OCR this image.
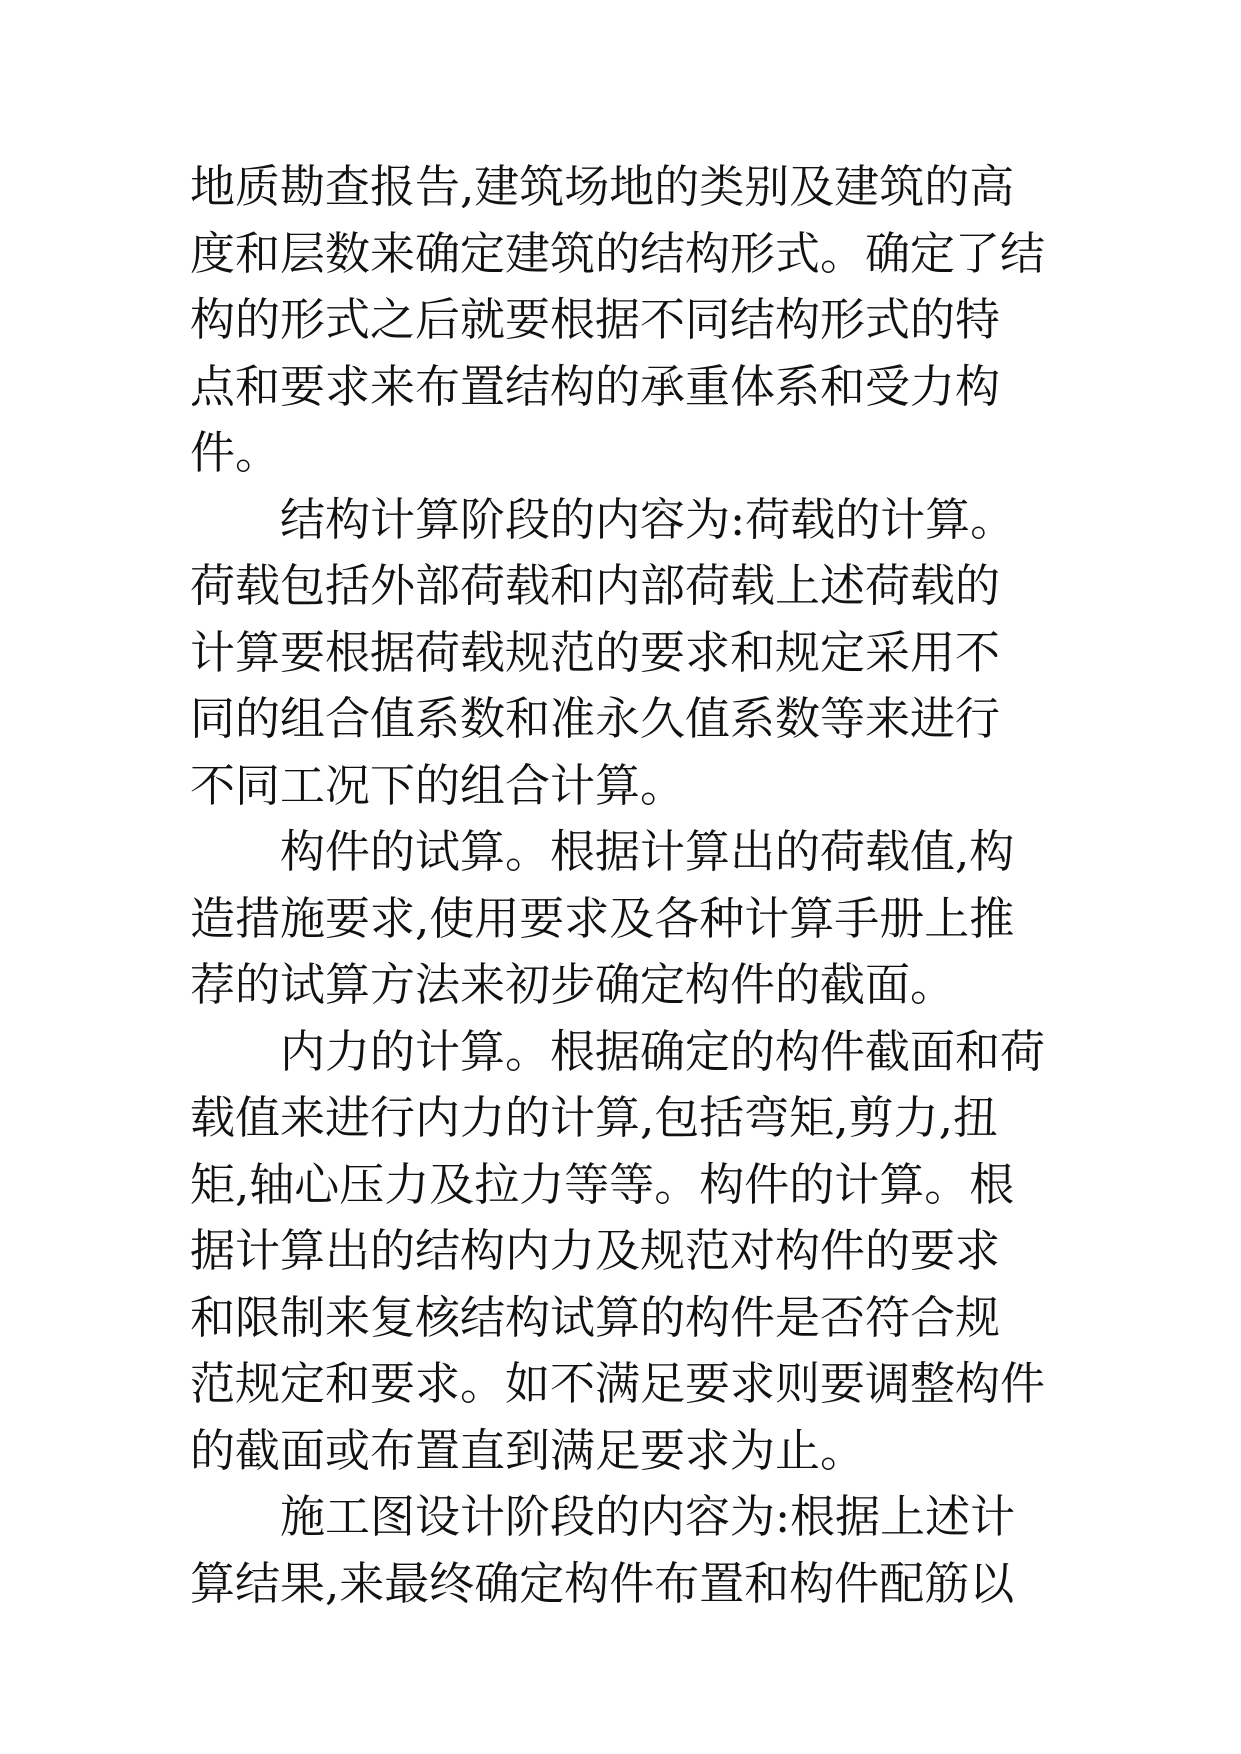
地质勘查报告,建筑场地的类别及建筑的高
度和层数来确定建筑的结构形式。确定了结
构的形式之后就要根据不同结构形式的特
点和要求来布置结构的承重体系和受力构
件。
结构计算阶段的内容为:荷载的计算。
荷载包括外部荷载和内部荷载上述荷载的
计算要根据荷载规范的要求和规定采用不
同的组合值系数和准永久值系数等来进行
不同工况下的组合计算。
构件的试算。根据计算出的荷载值,构
造措施要求,使用要求及各种计算手册上推
荐的试算方法来初步确定构件的截面。
内力的计算。根据确定的构件截面和荷
载值来进行内力的计算,包括弯矩,剪力,扭
矩,轴心压力及拉力等等。构件的计算。根
据计算出的结构内力及规范对构件的要求
和限制来复核结构试算的构件是否符合规
范规定和要求。如不满足要求则要调整构件
的截面或布置直到满足要求为止。
施工图设计阶段的内容为:根据上述计
算结果,来最终确定构件布置和构件配筋以
